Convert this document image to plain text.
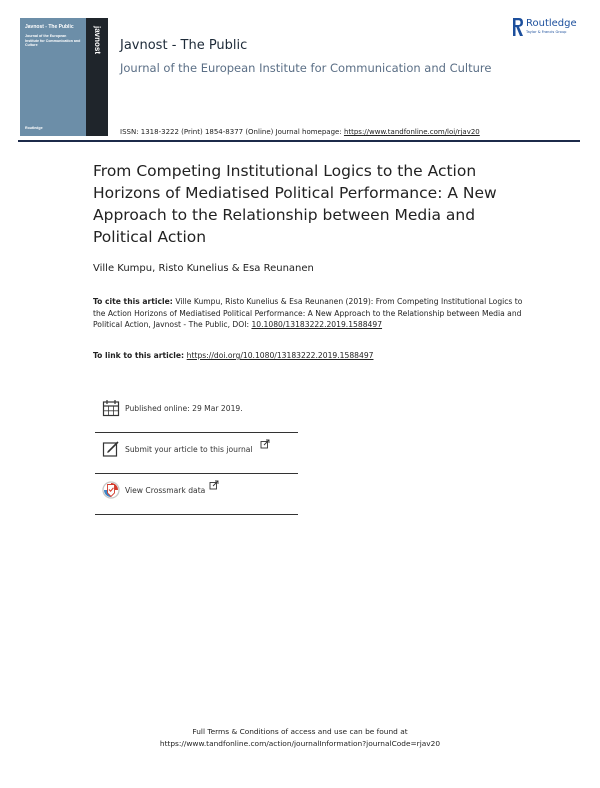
Javnost - The Public
Journal of the European Institute for Communication and Culture
Routledge
javnost Javnost - The Public
Journal of the European Institute for Communication and Culture
ISSN: 1318-3222 (Print) 1854-8377 (Online) Journal homepage: https://www.tandfonline.com/loi/rjav20
Routledge
Taylor & Francis Group
From Competing Institutional Logics to the Action Horizons of Mediatised Political Performance: A New Approach to the Relationship between Media and Political Action
Ville Kumpu, Risto Kunelius & Esa Reunanen
To cite this article: Ville Kumpu, Risto Kunelius & Esa Reunanen (2019): From Competing Institutional Logics to the Action Horizons of Mediatised Political Performance: A New Approach to the Relationship between Media and Political Action, Javnost - The Public, DOI: 10.1080/13183222.2019.1588497
To link to this article: https://doi.org/10.1080/13183222.2019.1588497
Published online: 29 Mar 2019.
Submit your article to this journal
View Crossmark data
Full Terms & Conditions of access and use can be found at
https://www.tandfonline.com/action/journalInformation?journalCode=rjav20
